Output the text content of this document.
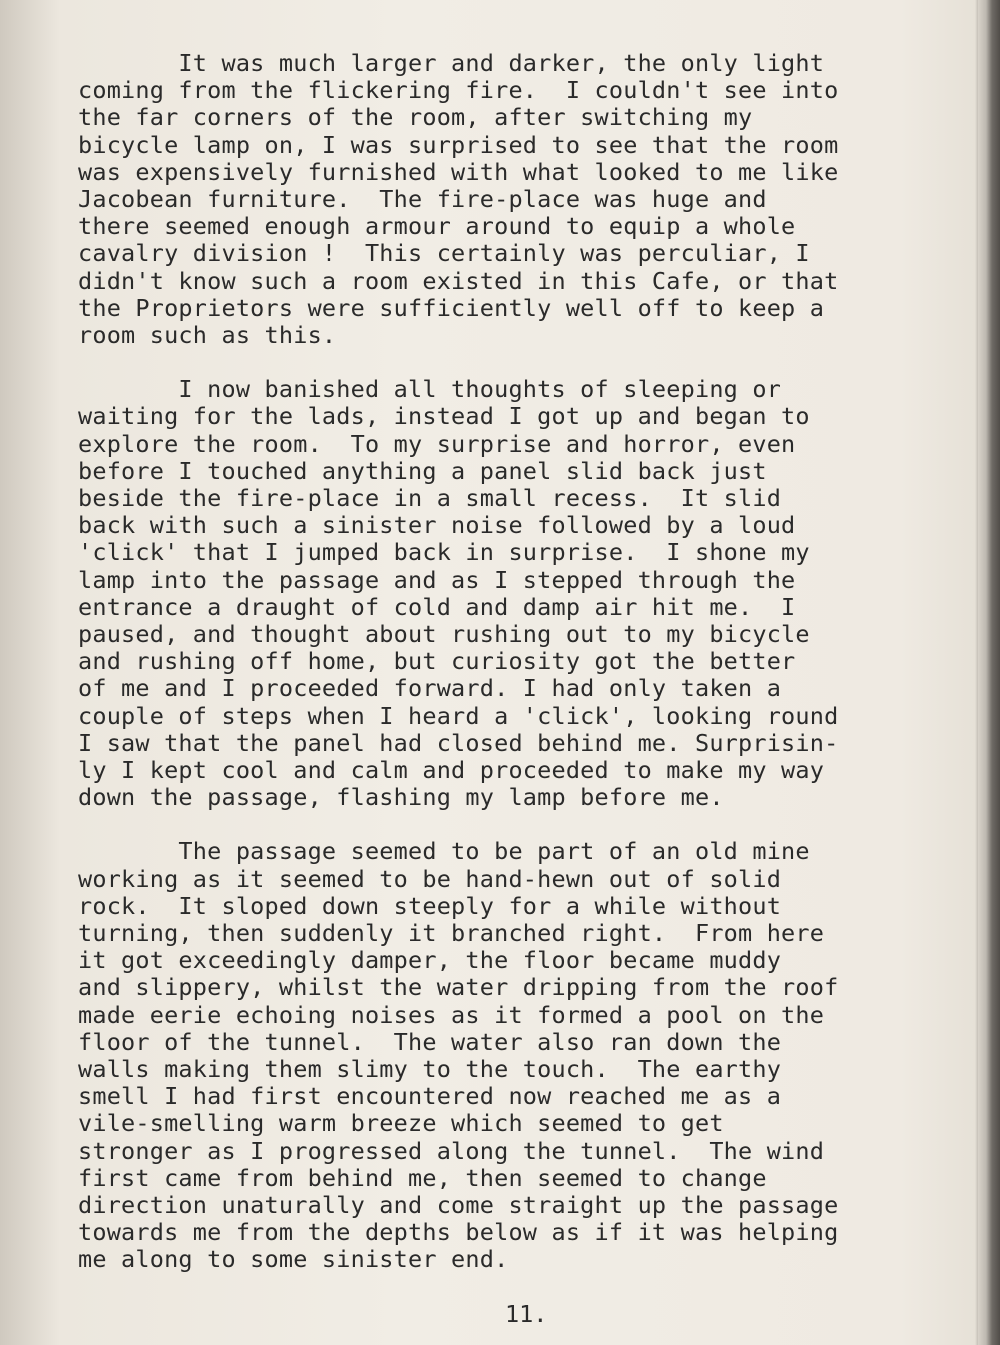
It was much larger and darker, the only light
coming from the flickering fire.  I couldn't see into
the far corners of the room, after switching my
bicycle lamp on, I was surprised to see that the room
was expensively furnished with what looked to me like
Jacobean furniture.  The fire-place was huge and
there seemed enough armour around to equip a whole
cavalry division !  This certainly was perculiar, I
didn't know such a room existed in this Cafe, or that
the Proprietors were sufficiently well off to keep a
room such as this.
I now banished all thoughts of sleeping or
waiting for the lads, instead I got up and began to
explore the room.  To my surprise and horror, even
before I touched anything a panel slid back just
beside the fire-place in a small recess.  It slid
back with such a sinister noise followed by a loud
'click' that I jumped back in surprise.  I shone my
lamp into the passage and as I stepped through the
entrance a draught of cold and damp air hit me.  I
paused, and thought about rushing out to my bicycle
and rushing off home, but curiosity got the better
of me and I proceeded forward. I had only taken a
couple of steps when I heard a 'click', looking round
I saw that the panel had closed behind me. Surprisin-
ly I kept cool and calm and proceeded to make my way
down the passage, flashing my lamp before me.
The passage seemed to be part of an old mine
working as it seemed to be hand-hewn out of solid
rock.  It sloped down steeply for a while without
turning, then suddenly it branched right.  From here
it got exceedingly damper, the floor became muddy
and slippery, whilst the water dripping from the roof
made eerie echoing noises as it formed a pool on the
floor of the tunnel.  The water also ran down the
walls making them slimy to the touch.  The earthy
smell I had first encountered now reached me as a
vile-smelling warm breeze which seemed to get
stronger as I progressed along the tunnel.  The wind
first came from behind me, then seemed to change
direction unaturally and come straight up the passage
towards me from the depths below as if it was helping
me along to some sinister end.
11.
